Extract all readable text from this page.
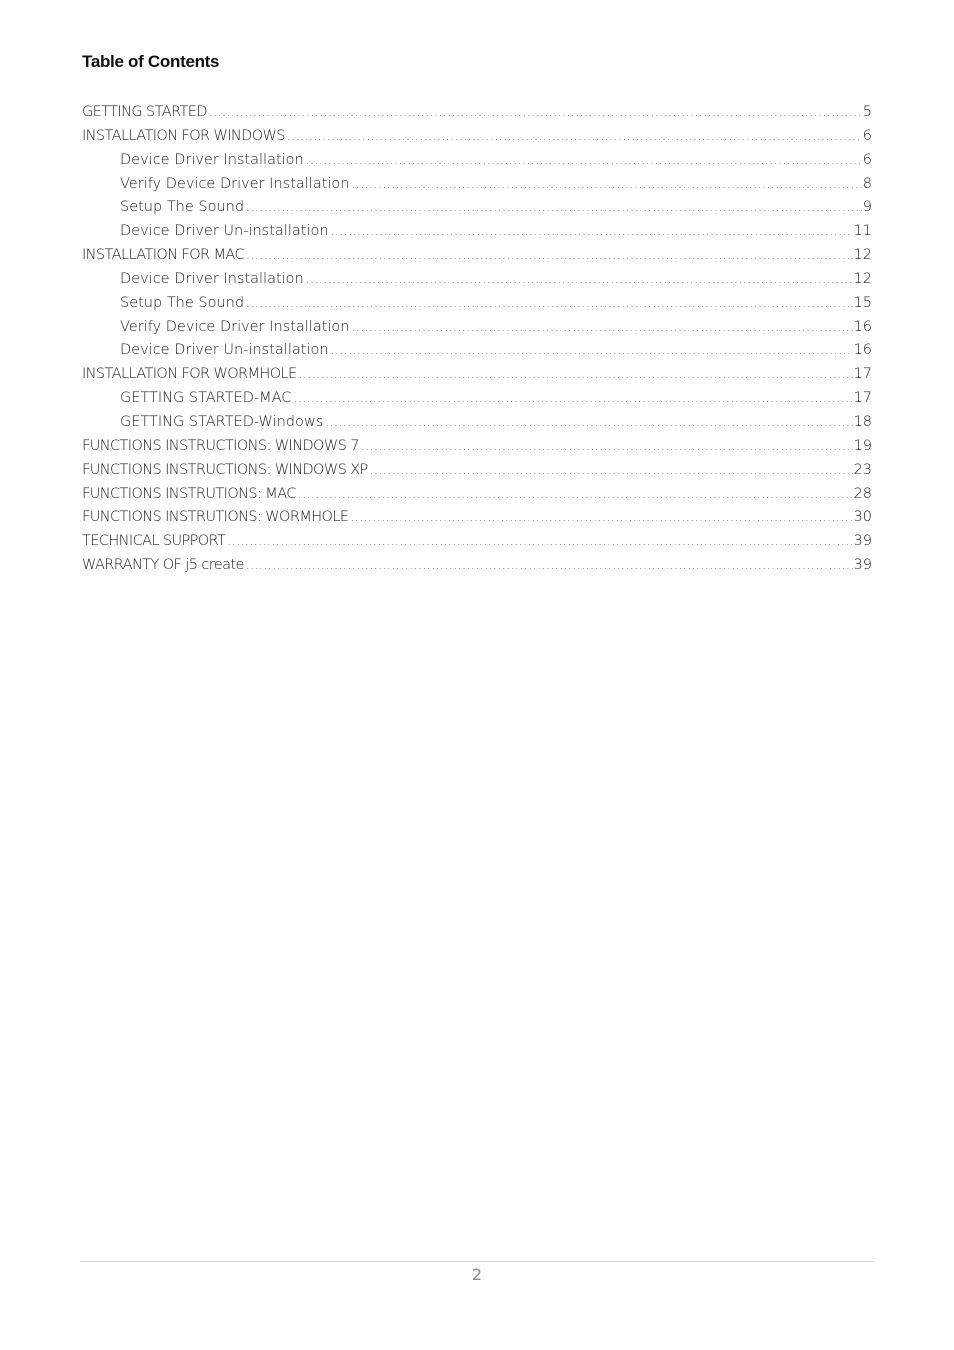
Table of Contents
GETTING STARTED .....	5
INSTALLATION FOR WINDOWS .....	6
Device Driver Installation .....	6
Verify Device Driver Installation .....	8
Setup The Sound .....	9
Device Driver Un-installation .....	11
INSTALLATION FOR MAC .....	12
Device Driver Installation .....	12
Setup The Sound .....	15
Verify Device Driver Installation .....	16
Device Driver Un-installation .....	16
INSTALLATION FOR WORMHOLE .....	17
GETTING STARTED-MAC .....	17
GETTING STARTED-Windows .....	18
FUNCTIONS INSTRUCTIONS: WINDOWS 7 .....	19
FUNCTIONS INSTRUCTIONS: WINDOWS XP .....	23
FUNCTIONS INSTRUTIONS: MAC .....	28
FUNCTIONS INSTRUTIONS: WORMHOLE .....	30
TECHNICAL SUPPORT .....	39
WARRANTY OF j5 create .....	39
2
